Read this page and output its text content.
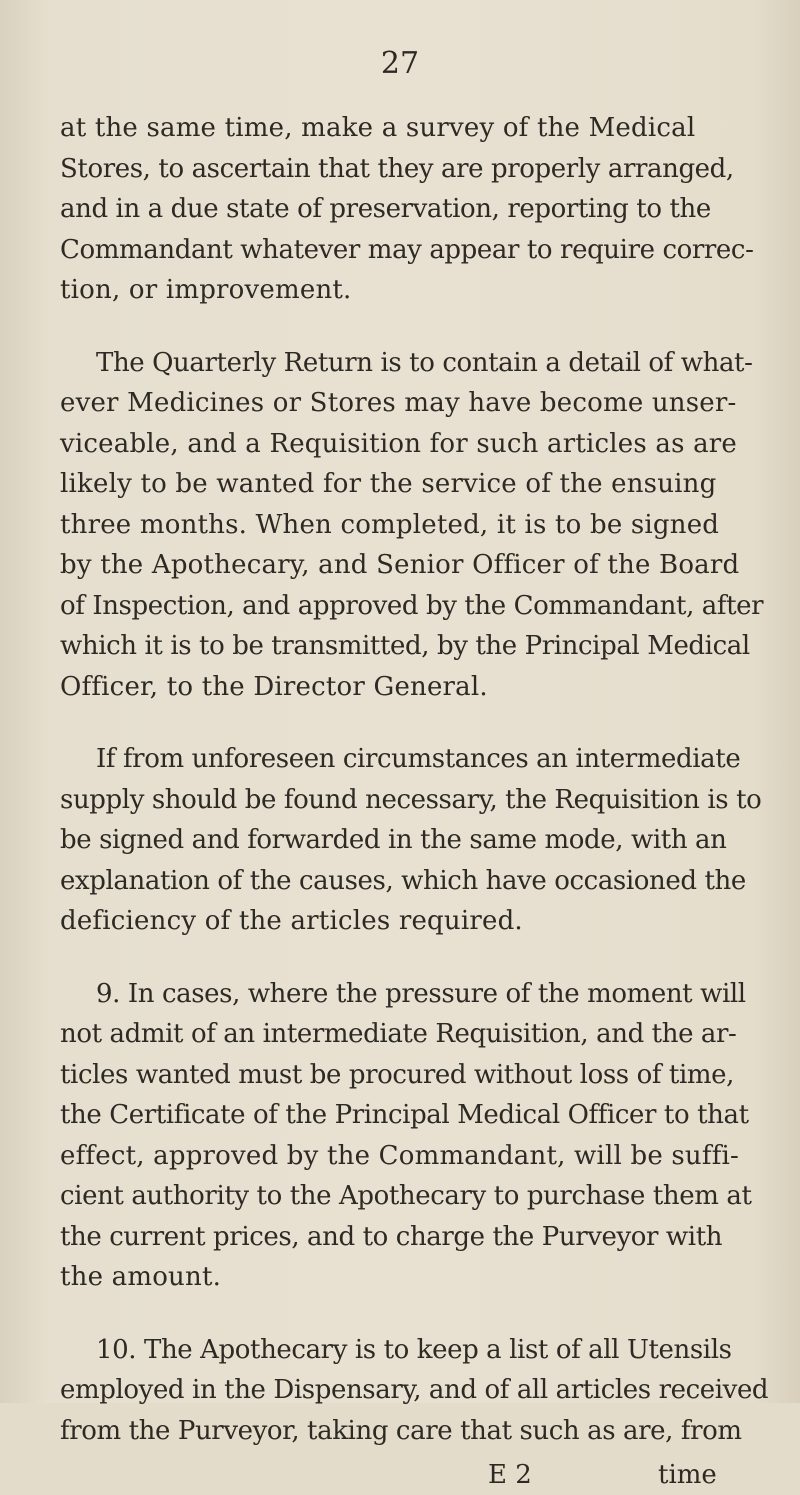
27
at the same time, make a survey of the Medical
Stores, to ascertain that they are properly arranged,
and in a due state of preservation, reporting to the
Commandant whatever may appear to require correc-
tion, or improvement.
The Quarterly Return is to contain a detail of what-
ever Medicines or Stores may have become unser-
viceable, and a Requisition for such articles as are
likely to be wanted for the service of the ensuing
three months. When completed, it is to be signed
by the Apothecary, and Senior Officer of the Board
of Inspection, and approved by the Commandant, after
which it is to be transmitted, by the Principal Medical
Officer, to the Director General.
If from unforeseen circumstances an intermediate
supply should be found necessary, the Requisition is to
be signed and forwarded in the same mode, with an
explanation of the causes, which have occasioned the
deficiency of the articles required.
9. In cases, where the pressure of the moment will
not admit of an intermediate Requisition, and the ar-
ticles wanted must be procured without loss of time,
the Certificate of the Principal Medical Officer to that
effect, approved by the Commandant, will be suffi-
cient authority to the Apothecary to purchase them at
the current prices, and to charge the Purveyor with
the amount.
10. The Apothecary is to keep a list of all Utensils
employed in the Dispensary, and of all articles received
from the Purveyor, taking care that such as are, from
E 2	time
